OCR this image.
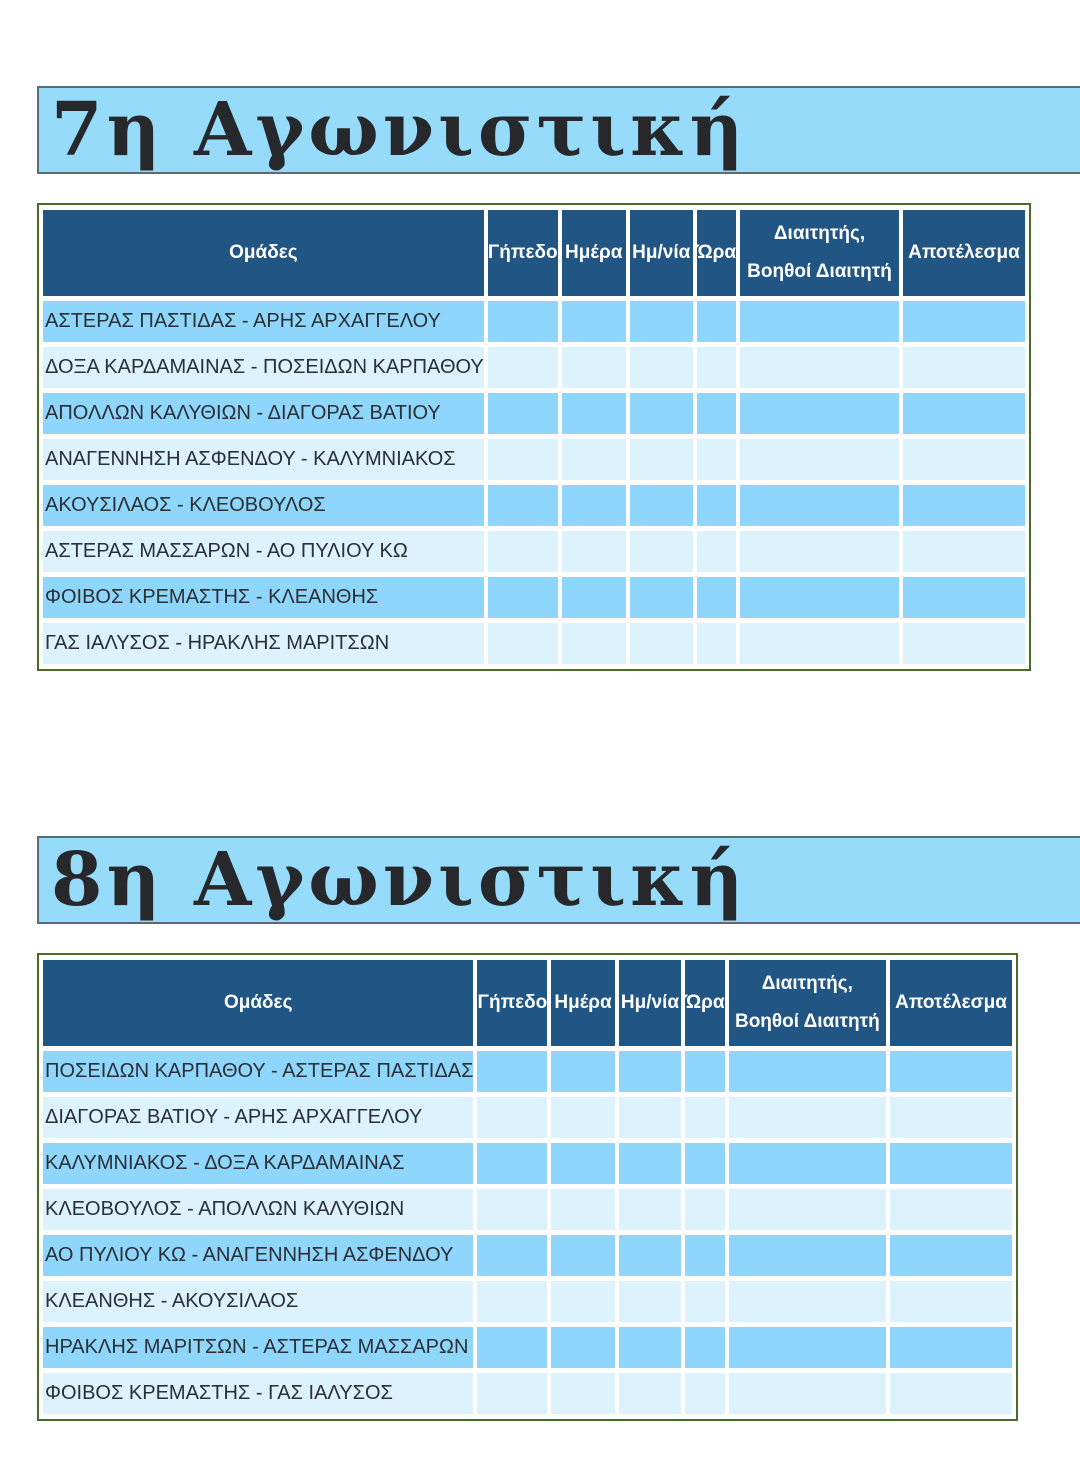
7η Αγωνιστική
Ομάδες	Γήπεδο	Ημέρα	Ημ/νία	Ώρα	Διαιτητής,
Βοηθοί Διαιτητή	Αποτέλεσμα
ΑΣΤΕΡΑΣ ΠΑΣΤΙΔΑΣ - ΑΡΗΣ ΑΡΧΑΓΓΕΛΟΥ						
ΔΟΞΑ ΚΑΡΔΑΜΑΙΝΑΣ - ΠΟΣΕΙΔΩΝ ΚΑΡΠΑΘΟΥ						
ΑΠΟΛΛΩΝ ΚΑΛΥΘΙΩΝ - ΔΙΑΓΟΡΑΣ ΒΑΤΙΟΥ						
ΑΝΑΓΕΝΝΗΣΗ ΑΣΦΕΝΔΟΥ - ΚΑΛΥΜΝΙΑΚΟΣ						
ΑΚΟΥΣΙΛΑΟΣ - ΚΛΕΟΒΟΥΛΟΣ						
ΑΣΤΕΡΑΣ ΜΑΣΣΑΡΩΝ - ΑΟ ΠΥΛΙΟΥ ΚΩ						
ΦΟΙΒΟΣ ΚΡΕΜΑΣΤΗΣ - ΚΛΕΑΝΘΗΣ						
ΓΑΣ ΙΑΛΥΣΟΣ - ΗΡΑΚΛΗΣ ΜΑΡΙΤΣΩΝ						
8η Αγωνιστική
Ομάδες	Γήπεδο	Ημέρα	Ημ/νία	Ώρα	Διαιτητής,
Βοηθοί Διαιτητή	Αποτέλεσμα
ΠΟΣΕΙΔΩΝ ΚΑΡΠΑΘΟΥ - ΑΣΤΕΡΑΣ ΠΑΣΤΙΔΑΣ						
ΔΙΑΓΟΡΑΣ ΒΑΤΙΟΥ - ΑΡΗΣ ΑΡΧΑΓΓΕΛΟΥ						
ΚΑΛΥΜΝΙΑΚΟΣ - ΔΟΞΑ ΚΑΡΔΑΜΑΙΝΑΣ						
ΚΛΕΟΒΟΥΛΟΣ - ΑΠΟΛΛΩΝ ΚΑΛΥΘΙΩΝ						
ΑΟ ΠΥΛΙΟΥ ΚΩ - ΑΝΑΓΕΝΝΗΣΗ ΑΣΦΕΝΔΟΥ						
ΚΛΕΑΝΘΗΣ - ΑΚΟΥΣΙΛΑΟΣ						
ΗΡΑΚΛΗΣ ΜΑΡΙΤΣΩΝ - ΑΣΤΕΡΑΣ ΜΑΣΣΑΡΩΝ						
ΦΟΙΒΟΣ ΚΡΕΜΑΣΤΗΣ - ΓΑΣ ΙΑΛΥΣΟΣ						
